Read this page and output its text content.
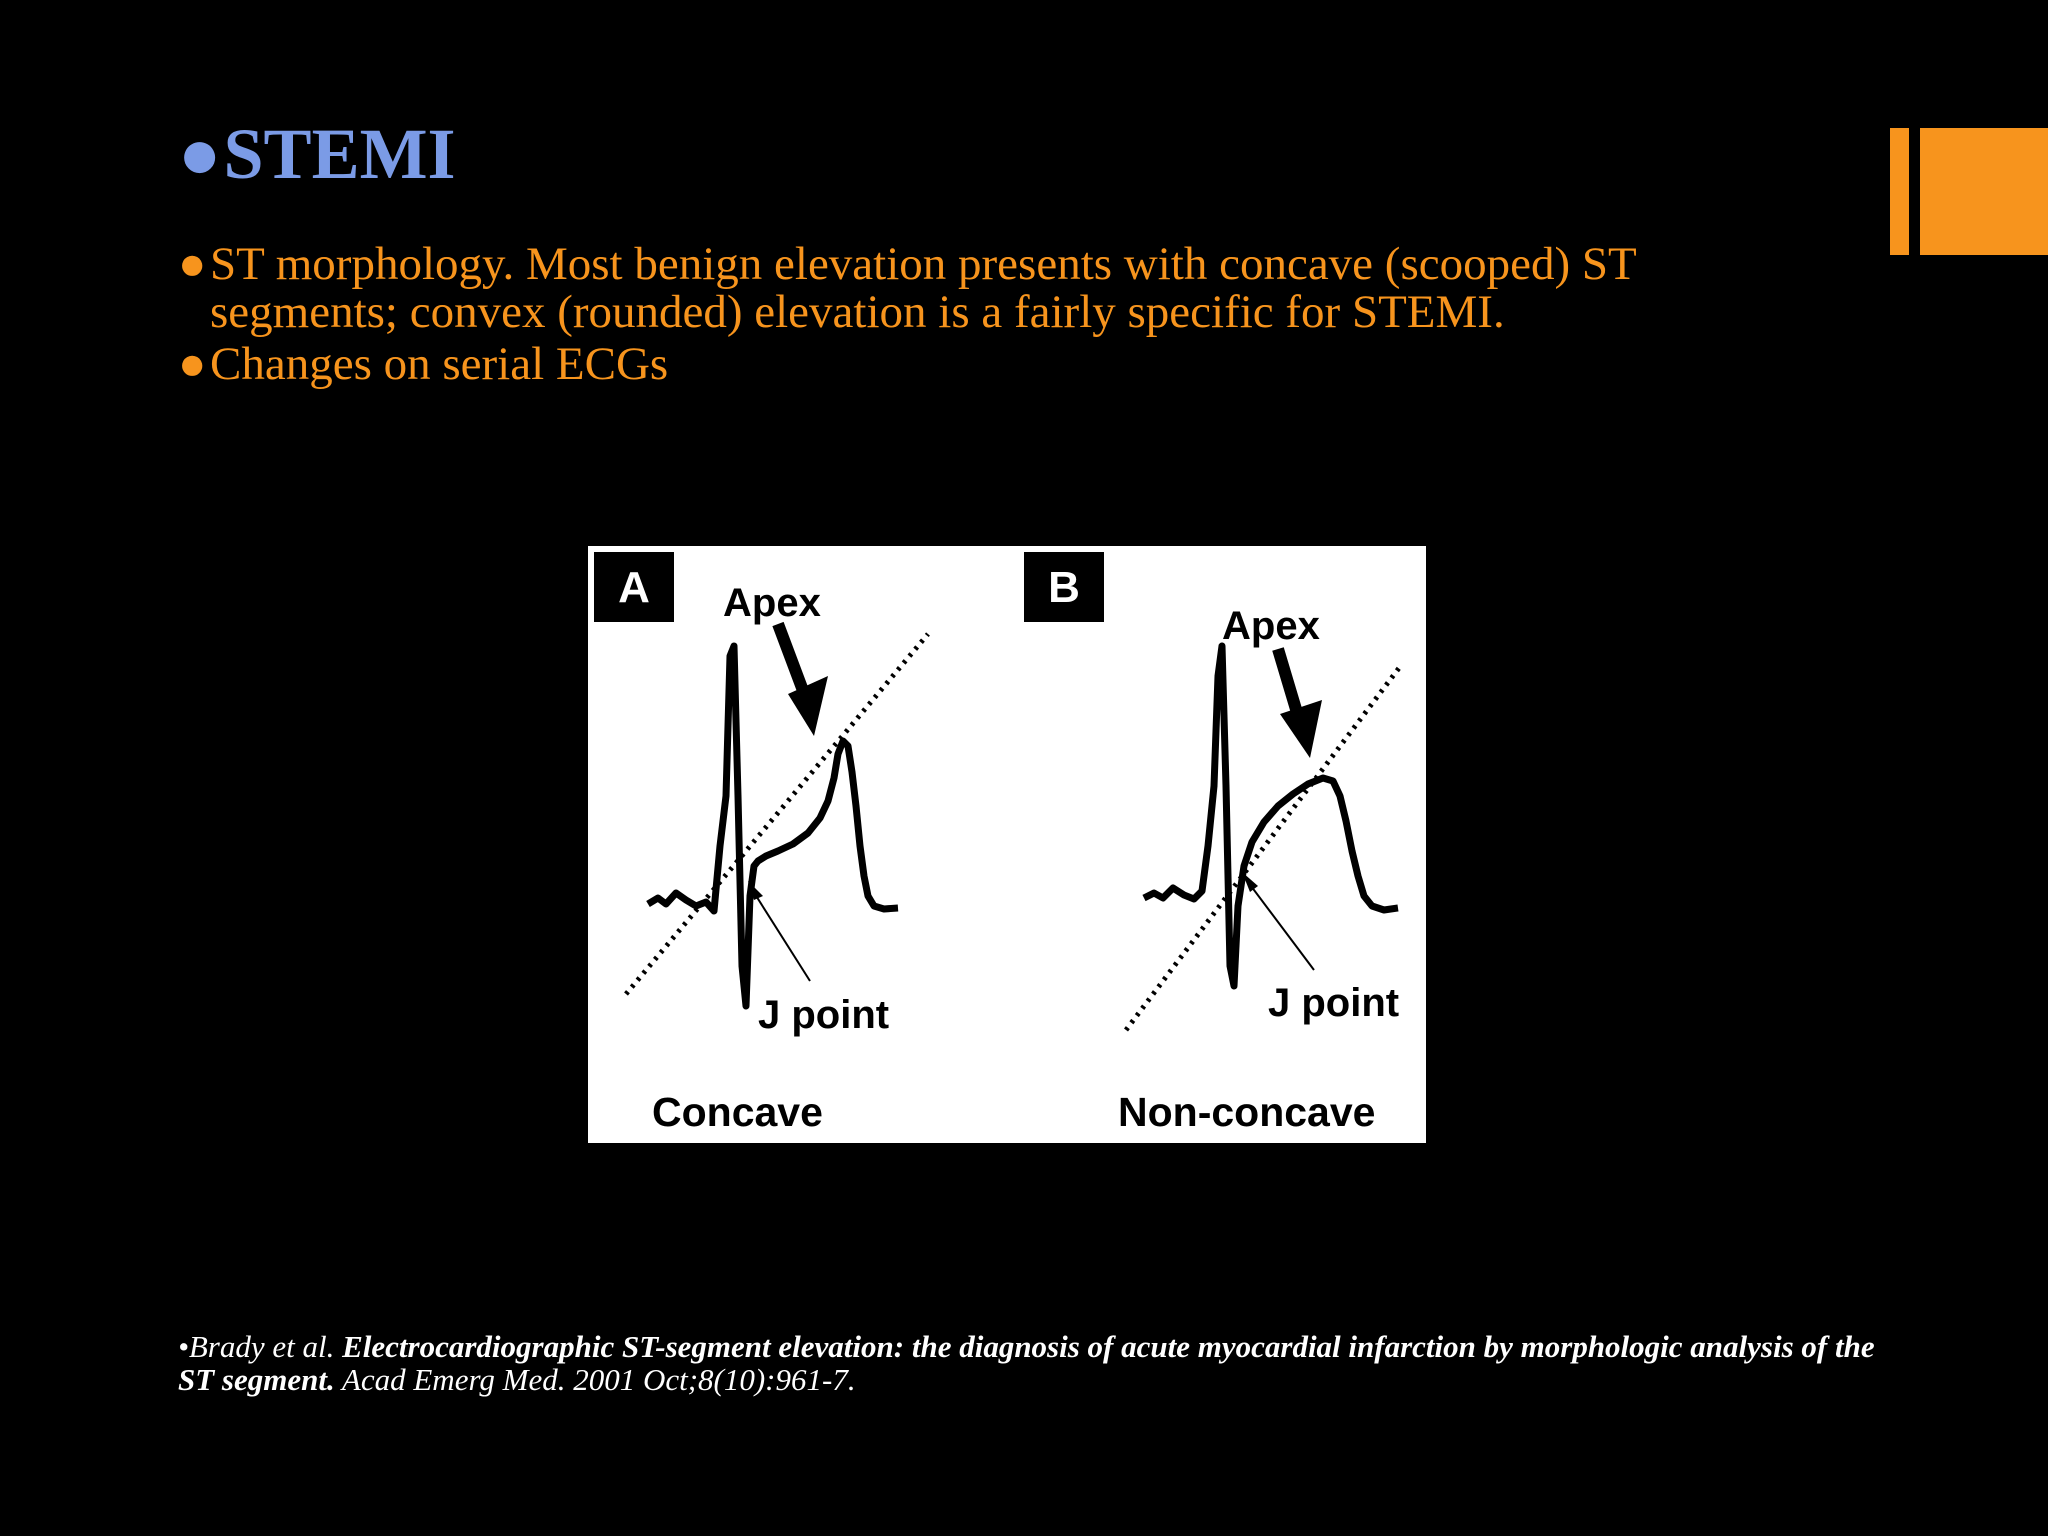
●STEMI
● ST morphology. Most benign elevation presents with concave (scooped) ST segments; convex (rounded) elevation is a fairly specific for STEMI.
● Changes on serial ECGs
A Apex
J point
Concave
B
Apex
J point
Non-concave
•Brady et al. Electrocardiographic ST-segment elevation: the diagnosis of acute myocardial infarction by morphologic analysis of the ST segment. Acad Emerg Med. 2001 Oct;8(10):961-7.
